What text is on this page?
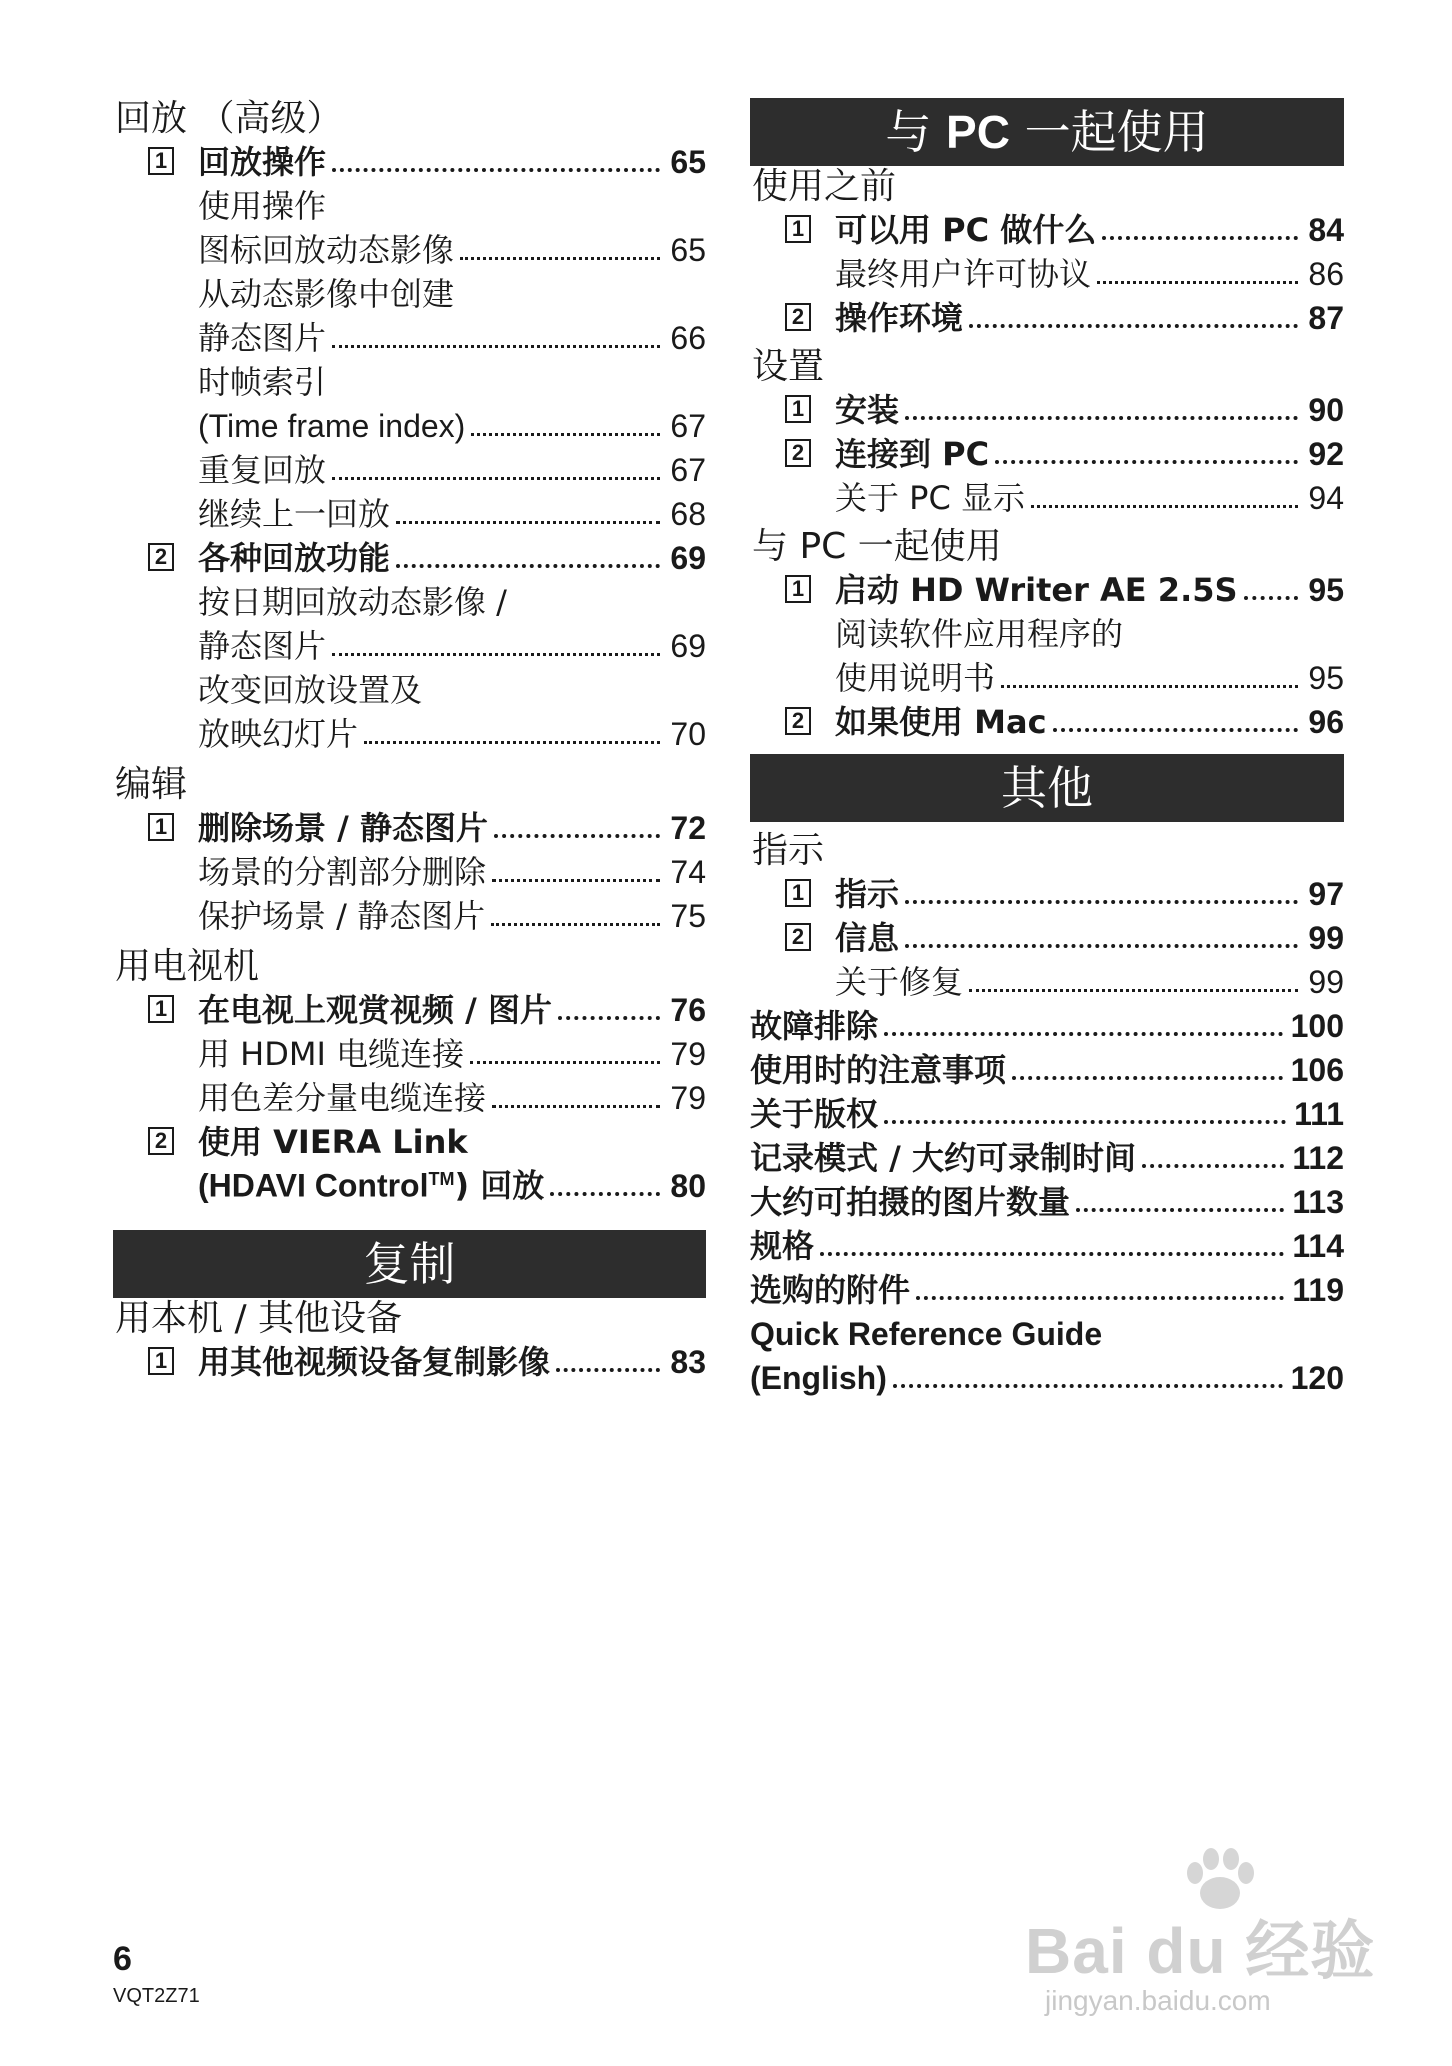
回放 （高级）
1 回放操作	65
使用操作
图标回放动态影像	65
从动态影像中创建
静态图片	66
时帧索引
(Time frame index)	67
重复回放	67
继续上一回放	68
2 各种回放功能	69
按日期回放动态影像 /
静态图片	69
改变回放设置及
放映幻灯片	70
编辑
1 删除场景 / 静态图片	72
场景的分割部分删除	74
保护场景 / 静态图片	75
用电视机
1 在电视上观赏视频 / 图片	76
用 HDMI 电缆连接	79
用色差分量电缆连接	79
2 使用 VIERA Link
(HDAVI Control™) 回放	80
复制
用本机 / 其他设备
1 用其他视频设备复制影像	83
与 PC 一起使用
使用之前
1 可以用 PC 做什么	84
最终用户许可协议	86
2 操作环境	87
设置
1 安装	90
2 连接到 PC	92
关于 PC 显示	94
与 PC 一起使用
1 启动 HD Writer AE 2.5S 95
阅读软件应用程序的
使用说明书	95
2 如果使用 Mac	96
其他
指示
1 指示	97
2 信息	99
关于修复	99
故障排除	100
使用时的注意事项	106
关于版权	111
记录模式 / 大约可录制时间	112
大约可拍摄的图片数量	113
规格	114
选购的附件	119
Quick Reference Guide
(English)	120
6
VQT2Z71
Bai du 经验
jingyan.baidu.com
